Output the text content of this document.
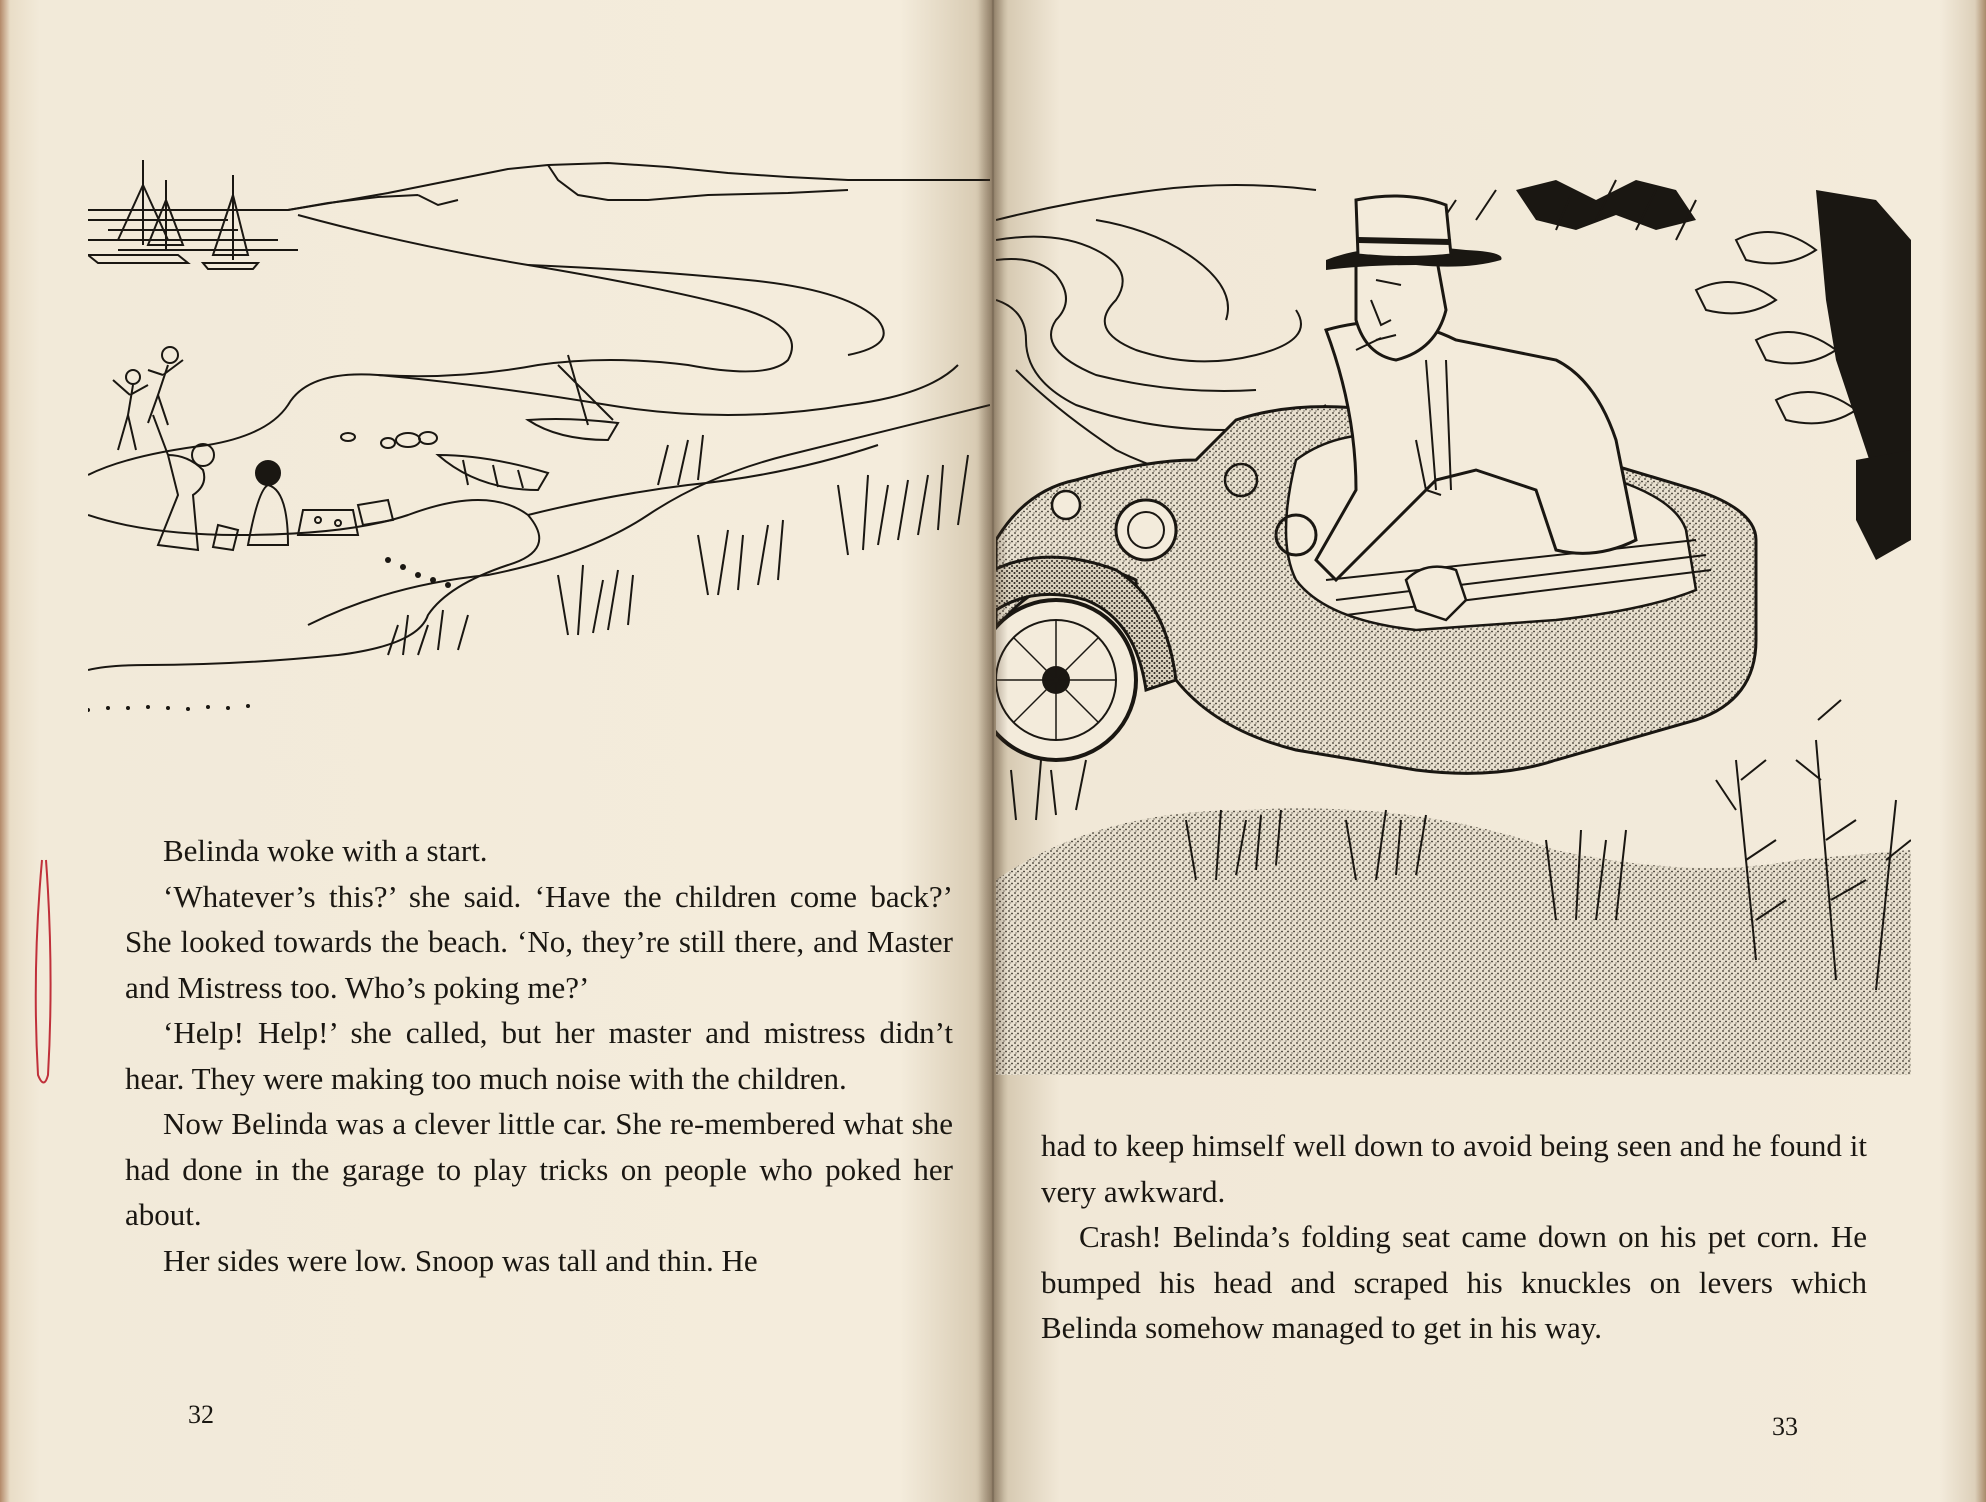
Belinda woke with a start.

‘Whatever’s this?’ she said. ‘Have the children come back?’ She looked towards the beach. ‘No, they’re still there, and Master and Mistress too. Who’s poking me?’

‘Help! Help!’ she called, but her master and mistress didn’t hear. They were making too much noise with the children.

Now Belinda was a clever little car. She re-membered what she had done in the garage to play tricks on people who poked her about.

Her sides were low. Snoop was tall and thin. He

32

had to keep himself well down to avoid being seen and he found it very awkward.

Crash! Belinda’s folding seat came down on his pet corn. He bumped his head and scraped his knuckles on levers which Belinda somehow managed to get in his way.

33
